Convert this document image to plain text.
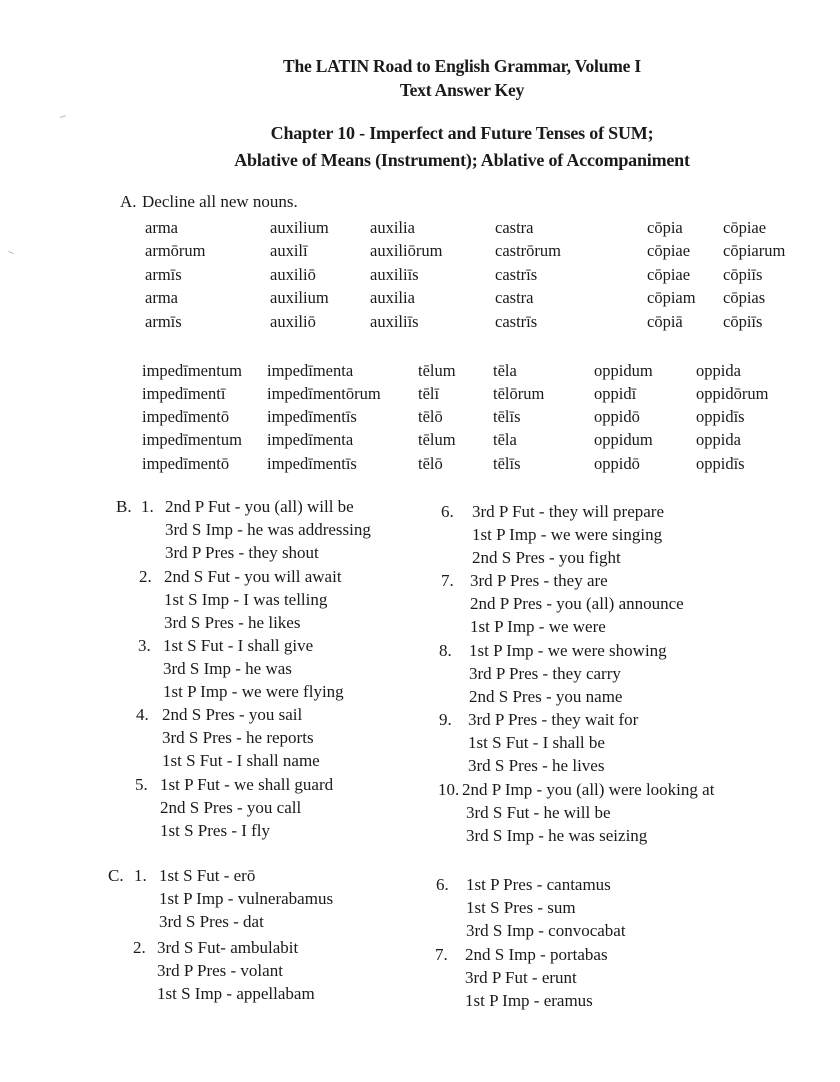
The LATIN Road to English Grammar, Volume I
Text Answer Key
Chapter 10 - Imperfect and Future Tenses of SUM;
Ablative of Means (Instrument); Ablative of Accompaniment
A. Decline all new nouns.
arma
armōrum
armīs
arma
armīs
auxilium
auxilī
auxiliō
auxilium
auxiliō
auxilia
auxiliōrum
auxiliīs
auxilia
auxiliīs
castra
castrōrum
castrīs
castra
castrīs
cōpia
cōpiae
cōpiae
cōpiam
cōpiā
cōpiae
cōpiarum
cōpiīs
cōpias
cōpiīs
impedīmentum
impedīmentī
impedīmentō
impedīmentum
impedīmentō
impedīmenta
impedīmentōrum
impedīmentīs
impedīmenta
impedīmentīs
tēlum
tēlī
tēlō
tēlum
tēlō
tēla
tēlōrum
tēlīs
tēla
tēlīs
oppidum
oppidī
oppidō
oppidum
oppidō
oppida
oppidōrum
oppidīs
oppida
oppidīs
B.
C.
1. 2nd P Fut - you (all) will be
3rd S Imp - he was addressing
3rd P Pres - they shout
2. 2nd S Fut - you will await
1st S Imp - I was telling
3rd S Pres - he likes
3. 1st S Fut - I shall give
3rd S Imp - he was
1st P Imp - we were flying
4. 2nd S Pres - you sail
3rd S Pres - he reports
1st S Fut - I shall name
5. 1st P Fut - we shall guard
2nd S Pres - you call
1st S Pres - I fly
6. 3rd P Fut - they will prepare
1st P Imp - we were singing
2nd S Pres - you fight
7. 3rd P Pres - they are
2nd P Pres - you (all) announce
1st P Imp - we were
8. 1st P Imp - we were showing
3rd P Pres - they carry
2nd S Pres - you name
9. 3rd P Pres - they wait for
1st S Fut - I shall be
3rd S Pres - he lives
10. 2nd P Imp - you (all) were looking at
3rd S Fut - he will be
3rd S Imp - he was seizing
1. 1st S Fut - erō
1st P Imp - vulnerabamus
3rd S Pres - dat
2. 3rd S Fut- ambulabit
3rd P Pres - volant
1st S Imp - appellabam
6. 1st P Pres - cantamus
1st S Pres - sum
3rd S Imp - convocabat
7. 2nd S Imp - portabas
3rd P Fut - erunt
1st P Imp - eramus
